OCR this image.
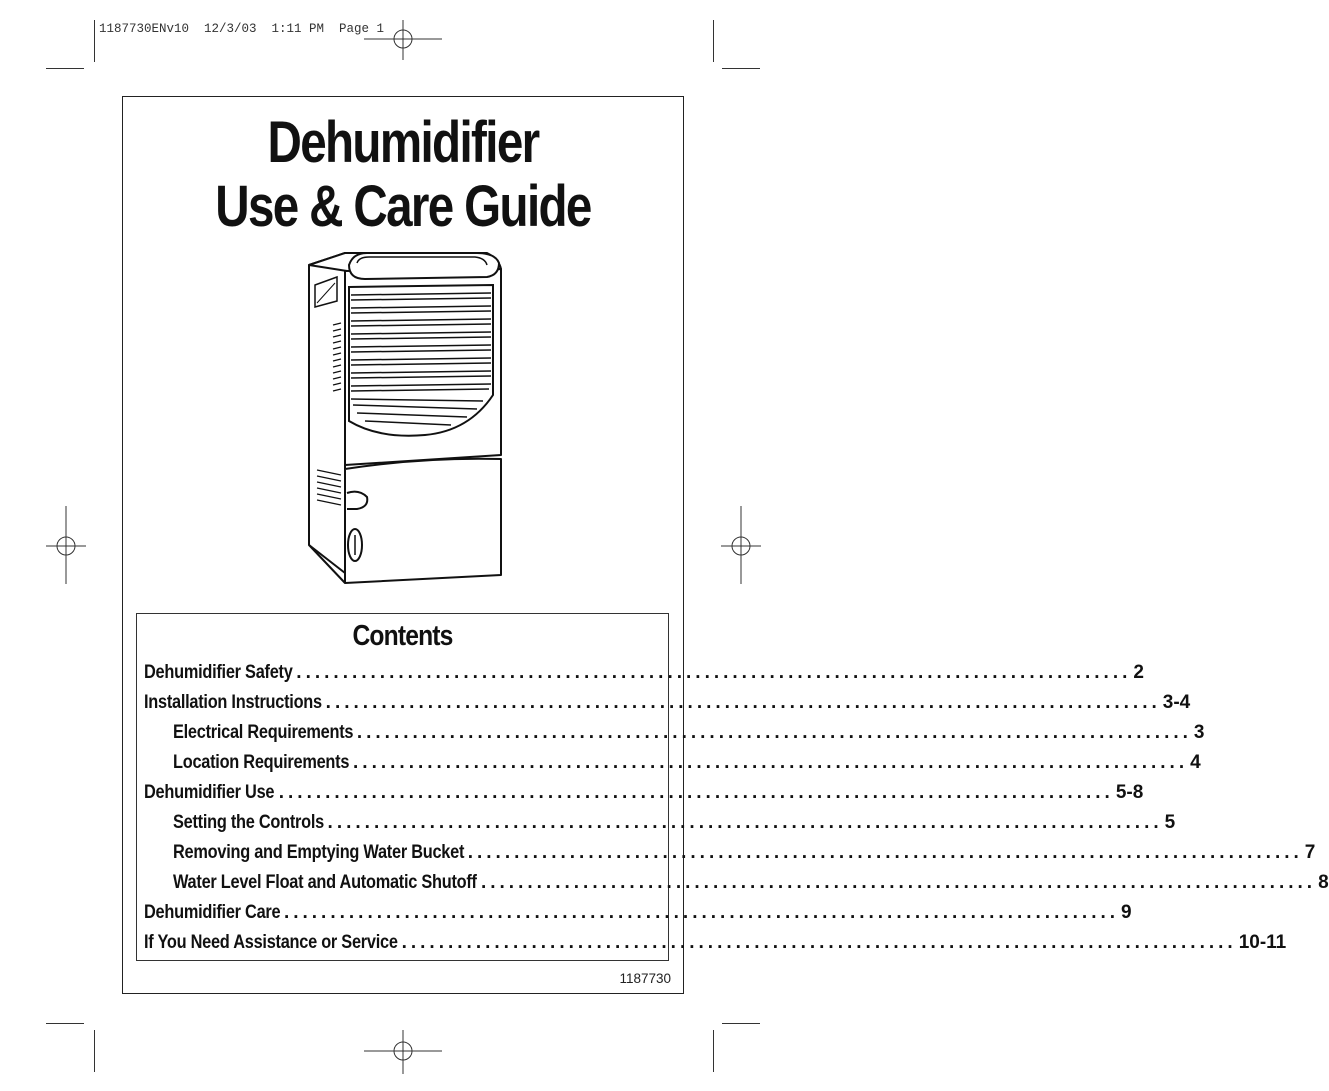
1187730ENv10  12/3/03  1:11 PM  Page 1
Dehumidifier
Use & Care Guide
Contents
Dehumidifier Safety .......................................................................................... 2
Installation Instructions .......................................................................................... 3-4
Electrical Requirements .......................................................................................... 3
Location Requirements .......................................................................................... 4
Dehumidifier Use .......................................................................................... 5-8
Setting the Controls .......................................................................................... 5
Removing and Emptying Water Bucket .......................................................................................... 7
Water Level Float and Automatic Shutoff .......................................................................................... 8
Dehumidifier Care .......................................................................................... 9
If You Need Assistance or Service .......................................................................................... 10-11
1187730
